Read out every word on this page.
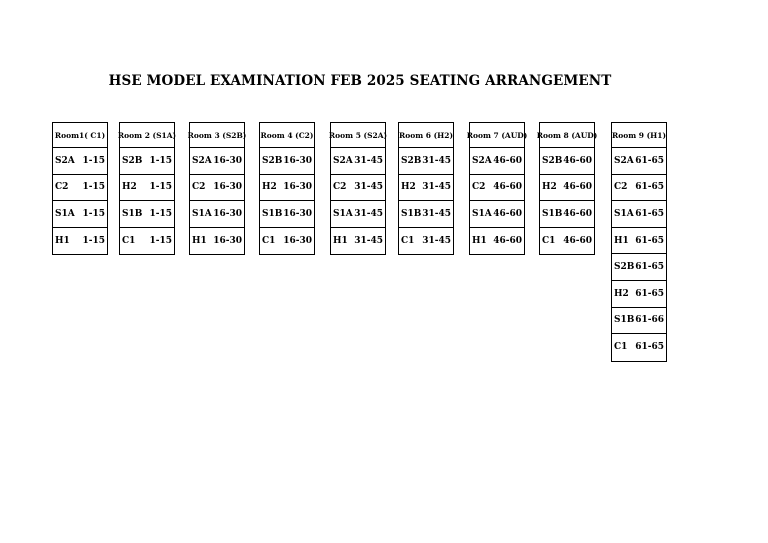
HSE MODEL EXAMINATION FEB 2025 SEATING ARRANGEMENT
Room1( C1)
S2A 1-15
C2 1-15
S1A 1-15
H1 1-15
Room 2 (S1A)
S2B 1-15
H2 1-15
S1B 1-15
C1 1-15
Room 3 (S2B)
S2A 16-30
C2 16-30
S1A 16-30
H1 16-30
Room 4 (C2)
S2B 16-30
H2 16-30
S1B 16-30
C1 16-30
Room 5 (S2A)
S2A 31-45
C2 31-45
S1A 31-45
H1 31-45
Room 6 (H2)
S2B 31-45
H2 31-45
S1B 31-45
C1 31-45
Room 7 (AUD)
S2A 46-60
C2 46-60
S1A 46-60
H1 46-60
Room 8 (AUD)
S2B 46-60
H2 46-60
S1B 46-60
C1 46-60
Room 9 (H1)
S2A 61-65
C2 61-65
S1A 61-65
H1 61-65
S2B 61-65
H2 61-65
S1B 61-66
C1 61-65
